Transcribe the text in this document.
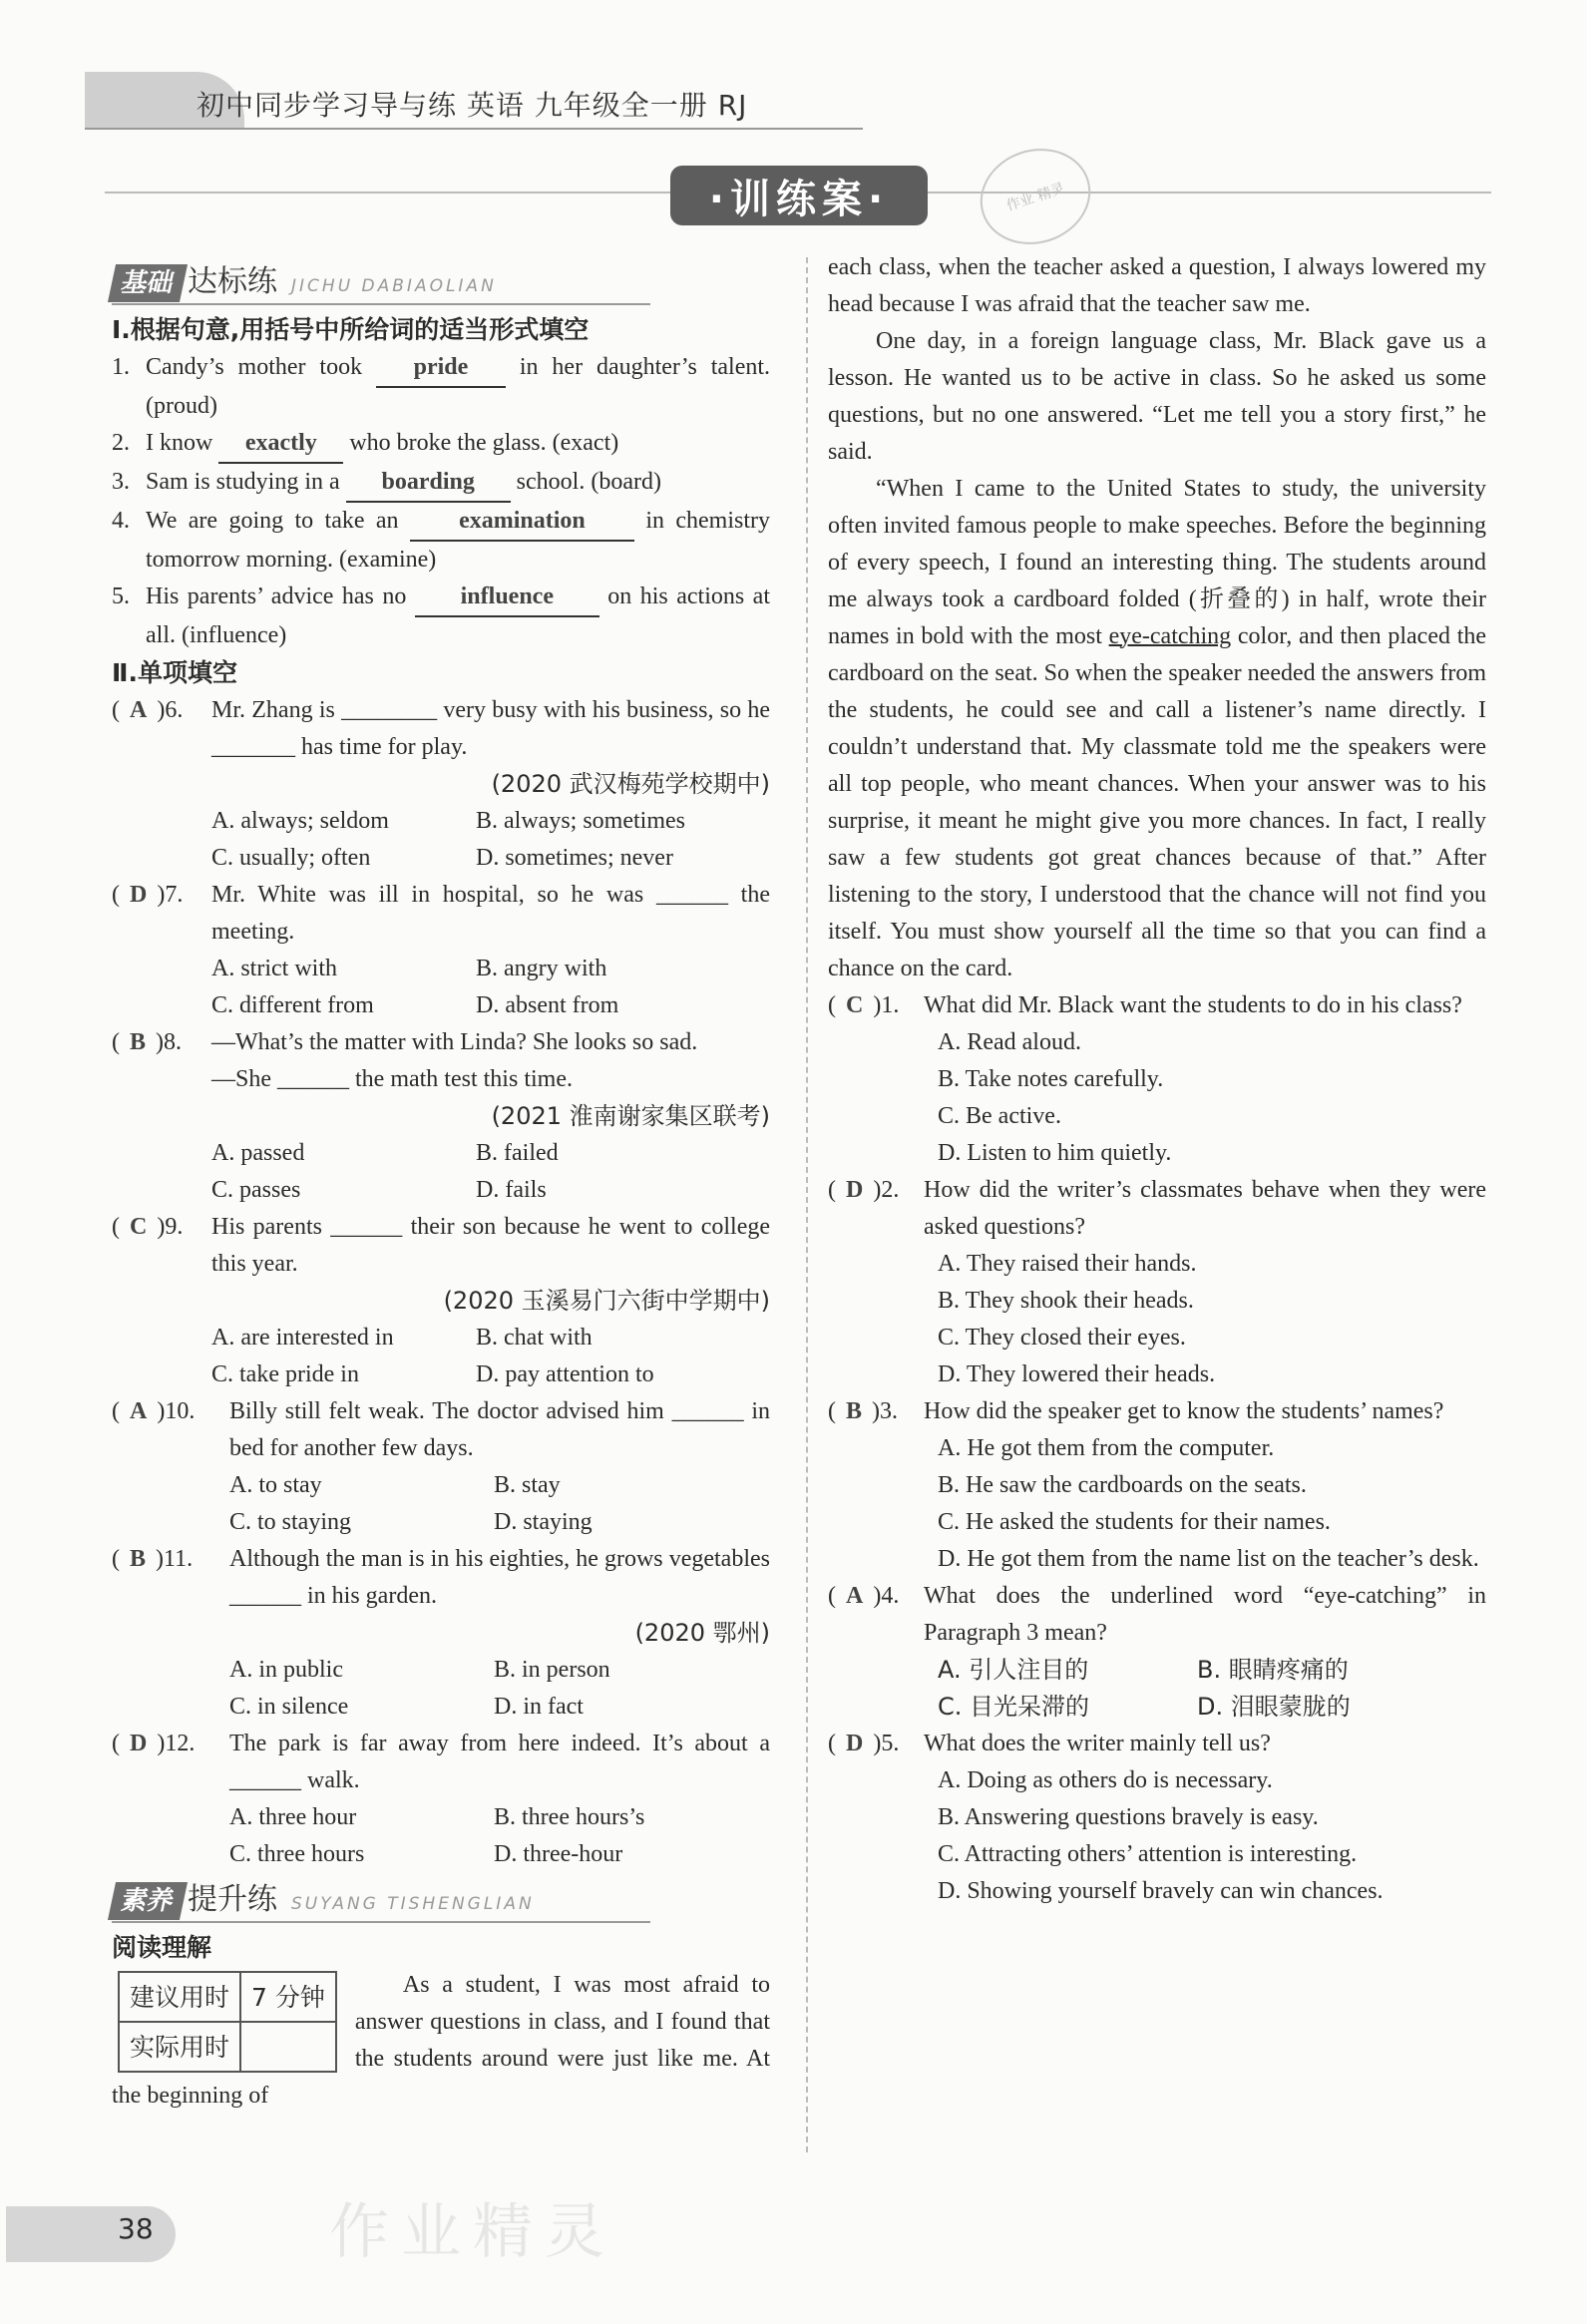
初中同步学习导与练 英语 九年级全一册 RJ
·训练案·	作业 精灵
基础 达标练 JICHU DABIAOLIAN
Ⅰ.根据句意,用括号中所给词的适当形式填空
1. Candy’s mother took pride in her daughter’s talent. (proud)
2. I know exactly who broke the glass. (exact)
3. Sam is studying in a boarding school. (board)
4. We are going to take an	examination	in chemistry tomorrow morning. (examine)
5. His parents’ advice has no influence on his actions at all. (influence)
Ⅱ.单项填空
( A )6.	Mr. Zhang is ________ very busy with his business, so he _______ has time for play.
(2020 武汉梅苑学校期中)
A. always; seldom	B. always; sometimes
C. usually; often	D. sometimes; never
( D )7.	Mr. White was ill in hospital, so he was ______ the meeting.
A. strict with	B. angry with
C. different from	D. absent from
( B )8.	—What’s the matter with Linda? She looks so sad.
—She ______ the math test this time.
(2021 淮南谢家集区联考)
A. passed	B. failed
C. passes	D. fails
( C )9.	His parents ______ their son because he went to college this year.
(2020 玉溪易门六街中学期中)
A. are interested in	B. chat with
C. take pride in	D. pay attention to
( A )10.	Billy still felt weak. The doctor advised him ______ in bed for another few days.
A. to stay	B. stay
C. to staying	D. staying
( B )11.	Although the man is in his eighties, he grows vegetables ______ in his garden.
(2020 鄂州)
A. in public	B. in person
C. in silence	D. in fact
( D )12.	The park is far away from here indeed. It’s about a ______ walk.
A. three hour	B. three hours’s
C. three hours	D. three-hour
素养 提升练 SUYANG TISHENGLIAN
阅读理解
建议用时	7 分钟
实际用时	
As a student, I was most afraid to answer questions in class, and I found that the students around were just like me. At the beginning of
each class, when the teacher asked a question, I always lowered my head because I was afraid that the teacher saw me.
One day, in a foreign language class, Mr. Black gave us a lesson. He wanted us to be active in class. So he asked us some questions, but no one answered. “Let me tell you a story first,” he said.
“When I came to the United States to study, the university often invited famous people to make speeches. Before the beginning of every speech, I found an interesting thing. The students around me always took a cardboard folded (折叠的) in half, wrote their names in bold with the most eye-catching color, and then placed the cardboard on the seat. So when the speaker needed the answers from the students, he could see and call a listener’s name directly. I couldn’t understand that. My classmate told me the speakers were all top people, who meant chances. When your answer was to his surprise, it meant he might give you more chances. In fact, I really saw a few students got great chances because of that.” After listening to the story, I understood that the chance will not find you itself. You must show yourself all the time so that you can find a chance on the card.
( C )1.	What did Mr. Black want the students to do in his class?
A. Read aloud.
B. Take notes carefully.
C. Be active.
D. Listen to him quietly.
( D )2.	How did the writer’s classmates behave when they were asked questions?
A. They raised their hands.
B. They shook their heads.
C. They closed their eyes.
D. They lowered their heads.
( B )3.	How did the speaker get to know the students’ names?
A. He got them from the computer.
B. He saw the cardboards on the seats.
C. He asked the students for their names.
D. He got them from the name list on the teacher’s desk.
( A )4.	What does the underlined word “eye-catching” in Paragraph 3 mean?
A. 引人注目的	B. 眼睛疼痛的
C. 目光呆滞的	D. 泪眼蒙胧的
( D )5.	What does the writer mainly tell us?
A. Doing as others do is necessary.
B. Answering questions bravely is easy.
C. Attracting others’ attention is interesting.
D. Showing yourself bravely can win chances.
38	作业精灵
